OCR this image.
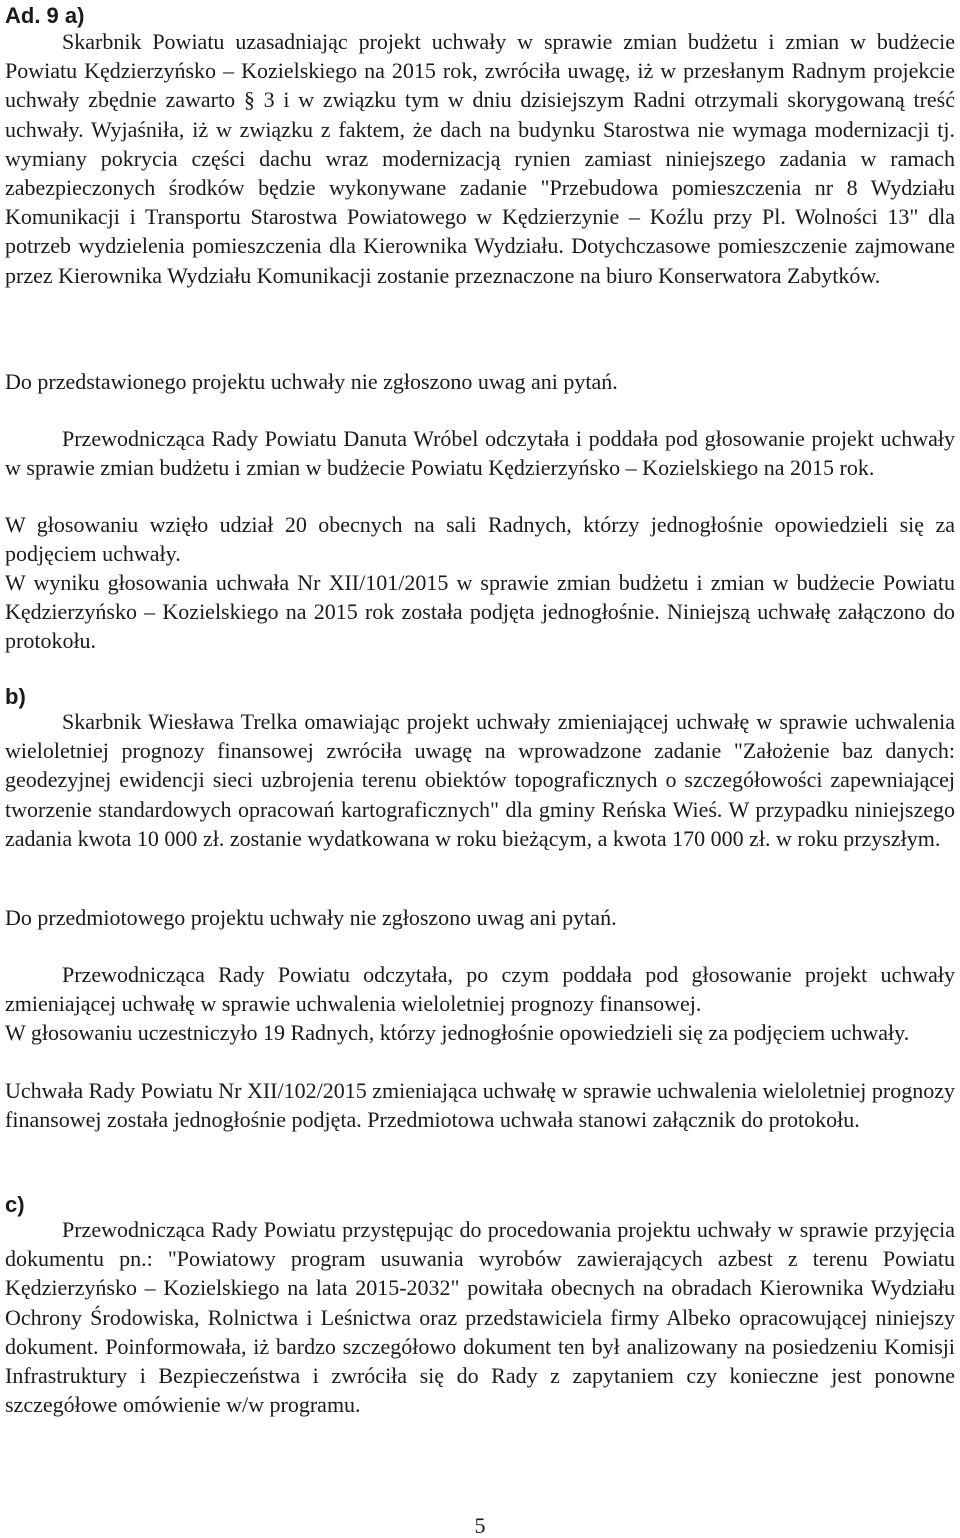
Ad. 9 a)
Skarbnik Powiatu uzasadniając projekt uchwały w sprawie zmian budżetu i zmian w budżecie Powiatu Kędzierzyńsko – Kozielskiego na 2015 rok, zwróciła uwagę, iż w przesłanym Radnym projekcie uchwały zbędnie zawarto § 3 i w związku tym w dniu dzisiejszym Radni otrzymali skorygowaną treść uchwały. Wyjaśniła, iż w związku z faktem, że dach na budynku Starostwa nie wymaga modernizacji tj. wymiany pokrycia części dachu wraz modernizacją rynien zamiast niniejszego zadania w ramach zabezpieczonych środków będzie wykonywane zadanie "Przebudowa pomieszczenia nr 8 Wydziału Komunikacji i Transportu Starostwa Powiatowego w Kędzierzynie – Koźlu przy Pl. Wolności 13" dla potrzeb wydzielenia pomieszczenia dla Kierownika Wydziału. Dotychczasowe pomieszczenie zajmowane przez Kierownika Wydziału Komunikacji zostanie przeznaczone na biuro Konserwatora Zabytków.
Do przedstawionego projektu uchwały nie zgłoszono uwag ani pytań.
Przewodnicząca Rady Powiatu Danuta Wróbel odczytała i poddała pod głosowanie projekt uchwały w sprawie zmian budżetu i zmian w budżecie Powiatu Kędzierzyńsko – Kozielskiego na 2015 rok.
W głosowaniu wzięło udział 20 obecnych na sali Radnych, którzy jednogłośnie opowiedzieli się za podjęciem uchwały.
W wyniku głosowania uchwała Nr XII/101/2015 w sprawie zmian budżetu i zmian w budżecie Powiatu Kędzierzyńsko – Kozielskiego na 2015 rok została podjęta jednogłośnie. Niniejszą uchwałę załączono do protokołu.
b)
Skarbnik Wiesława Trelka omawiając projekt uchwały zmieniającej uchwałę w sprawie uchwalenia wieloletniej prognozy finansowej zwróciła uwagę na wprowadzone zadanie "Założenie baz danych: geodezyjnej ewidencji sieci uzbrojenia terenu obiektów topograficznych o szczegółowości zapewniającej tworzenie standardowych opracowań kartograficznych" dla gminy Reńska Wieś. W przypadku niniejszego zadania kwota 10 000 zł. zostanie wydatkowana w roku bieżącym, a kwota 170 000 zł. w roku przyszłym.
Do przedmiotowego projektu uchwały nie zgłoszono uwag ani pytań.
Przewodnicząca Rady Powiatu odczytała, po czym poddała pod głosowanie projekt uchwały zmieniającej uchwałę w sprawie uchwalenia wieloletniej prognozy finansowej.
W głosowaniu uczestniczyło 19 Radnych, którzy jednogłośnie opowiedzieli się za podjęciem uchwały.
Uchwała Rady Powiatu Nr XII/102/2015 zmieniająca uchwałę w sprawie uchwalenia wieloletniej prognozy finansowej została jednogłośnie podjęta. Przedmiotowa uchwała stanowi załącznik do protokołu.
c)
Przewodnicząca Rady Powiatu przystępując do procedowania projektu uchwały w sprawie przyjęcia dokumentu pn.: "Powiatowy program usuwania wyrobów zawierających azbest z terenu Powiatu Kędzierzyńsko – Kozielskiego na lata 2015-2032" powitała obecnych na obradach Kierownika Wydziału Ochrony Środowiska, Rolnictwa i Leśnictwa oraz przedstawiciela firmy Albeko opracowującej niniejszy dokument. Poinformowała, iż bardzo szczegółowo dokument ten był analizowany na posiedzeniu Komisji Infrastruktury i Bezpieczeństwa i zwróciła się do Rady z zapytaniem czy konieczne jest ponowne szczegółowe omówienie w/w programu.
5
